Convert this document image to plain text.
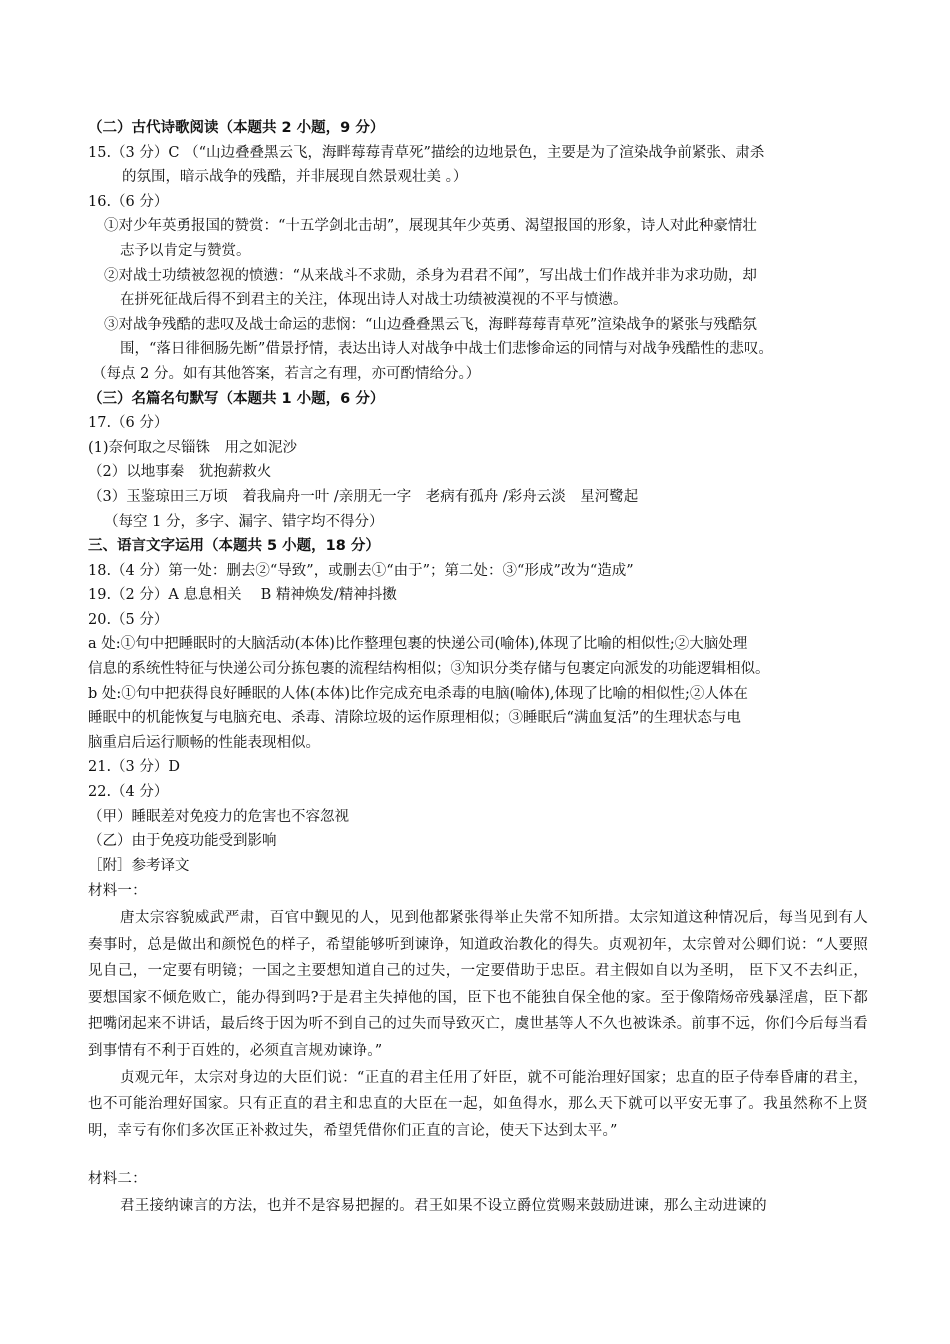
（二）古代诗歌阅读（本题共 2 小题，9 分）
15.（3 分）C （“山边叠叠黑云飞，海畔莓莓青草死”描绘的边地景色，主要是为了渲染战争前紧张、肃杀
的氛围，暗示战争的残酷，并非展现自然景观壮美 。）
16.（6 分）
①对少年英勇报国的赞赏：“十五学剑北击胡”，展现其年少英勇、渴望报国的形象，诗人对此种豪情壮
志予以肯定与赞赏。
②对战士功绩被忽视的愤懑：“从来战斗不求勋，杀身为君君不闻”，写出战士们作战并非为求功勋，却
在拼死征战后得不到君主的关注，体现出诗人对战士功绩被漠视的不平与愤懑。
③对战争残酷的悲叹及战士命运的悲悯：“山边叠叠黑云飞，海畔莓莓青草死”渲染战争的紧张与残酷氛
围，“落日徘徊肠先断”借景抒情，表达出诗人对战争中战士们悲惨命运的同情与对战争残酷性的悲叹。
（每点 2 分。如有其他答案，若言之有理，亦可酌情给分。）
（三）名篇名句默写（本题共 1 小题，6 分）
17.（6 分）
(1)奈何取之尽锱铢　用之如泥沙
（2）以地事秦　犹抱薪救火
（3）玉鉴琼田三万顷　着我扁舟一叶 /亲朋无一字　老病有孤舟 /彩舟云淡　星河鹭起
（每空 1 分，多字、漏字、错字均不得分）
三、语言文字运用（本题共 5 小题，18 分）
18.（4 分）第一处：删去②“导致”，或删去①“由于”；第二处：③“形成”改为“造成”
19.（2 分）A 息息相关　 B 精神焕发/精神抖擞
20.（5 分）
a 处:①句中把睡眠时的大脑活动(本体)比作整理包裹的快递公司(喻体),体现了比喻的相似性;②大脑处理
信息的系统性特征与快递公司分拣包裹的流程结构相似；③知识分类存储与包裹定向派发的功能逻辑相似。
b 处:①句中把获得良好睡眠的人体(本体)比作完成充电杀毒的电脑(喻体),体现了比喻的相似性;②人体在
睡眠中的机能恢复与电脑充电、杀毒、清除垃圾的运作原理相似；③睡眠后“满血复活”的生理状态与电
脑重启后运行顺畅的性能表现相似。
21.（3 分）D
22.（4 分）
（甲）睡眠差对免疫力的危害也不容忽视
（乙）由于免疫功能受到影响
［附］参考译文
材料一：

唐太宗容貌威武严肃，百官中觐见的人，见到他都紧张得举止失常不知所措。太宗知道这种情况后，每当见到有人奏事时，总是做出和颜悦色的样子，希望能够听到谏诤，知道政治教化的得失。贞观初年，太宗曾对公卿们说：“人要照见自己，一定要有明镜；一国之主要想知道自己的过失，一定要借助于忠臣。君主假如自以为圣明， 臣下又不去纠正，要想国家不倾危败亡，能办得到吗?于是君主失掉他的国，臣下也不能独自保全他的家。至于像隋炀帝残暴淫虐，臣下都把嘴闭起来不讲话，最后终于因为听不到自己的过失而导致灭亡，虞世基等人不久也被诛杀。前事不远，你们今后每当看到事情有不利于百姓的，必须直言规劝谏诤。”

贞观元年，太宗对身边的大臣们说：“正直的君主任用了奸臣，就不可能治理好国家；忠直的臣子侍奉昏庸的君主，也不可能治理好国家。只有正直的君主和忠直的大臣在一起，如鱼得水，那么天下就可以平安无事了。我虽然称不上贤明，幸亏有你们多次匡正补救过失，希望凭借你们正直的言论，使天下达到太平。”

材料二：

君王接纳谏言的方法，也并不是容易把握的。君王如果不设立爵位赏赐来鼓励进谏，那么主动进谏的
